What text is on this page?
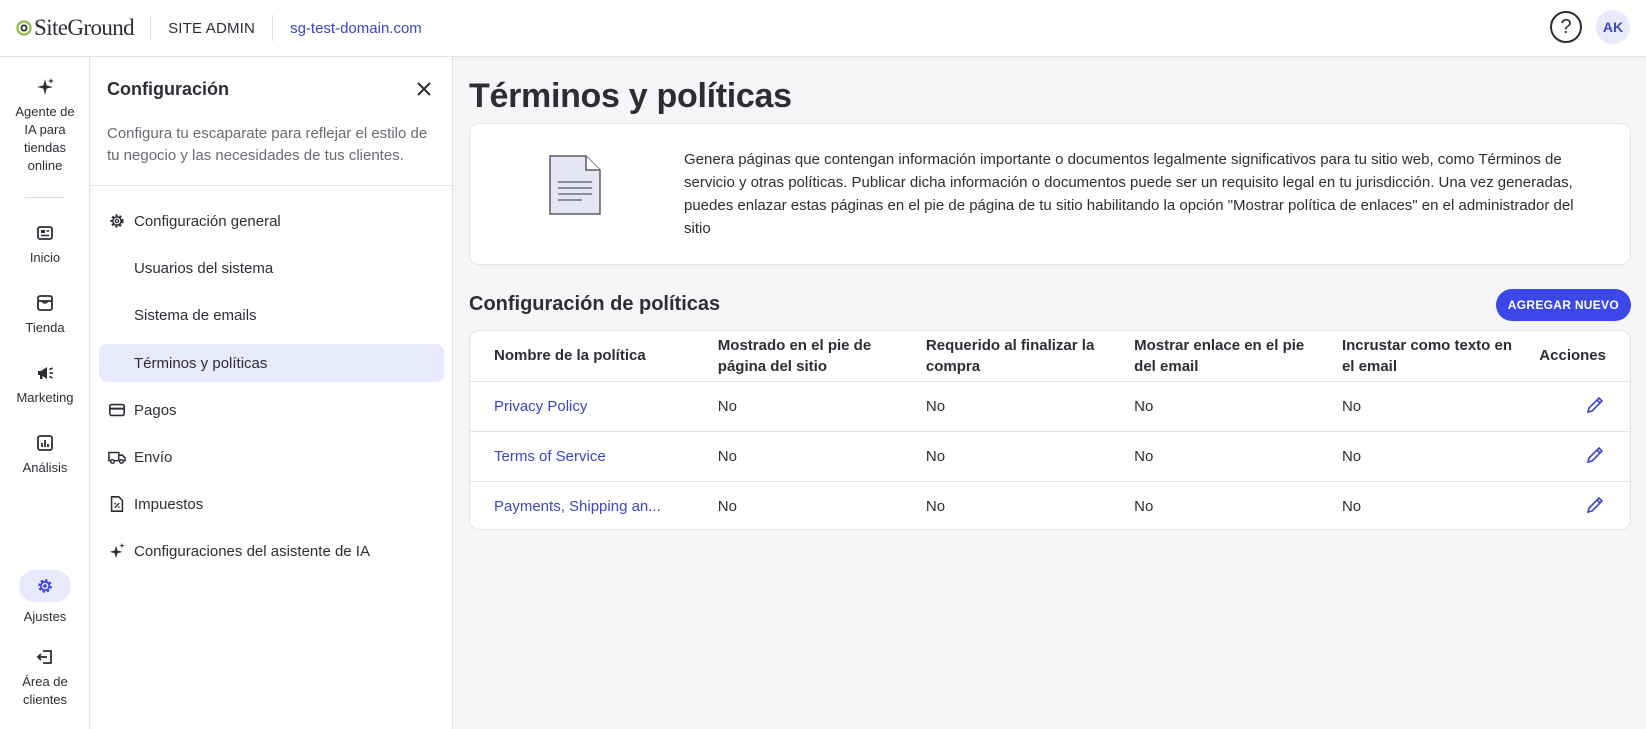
SiteGround SITE ADMIN sg-test-domain.com	?	AK
Agente de IA para tiendas online
Inicio
Tienda
Marketing
Análisis
Ajustes
Área de clientes
Configuración
Configura tu escaparate para reflejar el estilo de tu negocio y las necesidades de tus clientes.
Configuración general
Usuarios del sistema
Sistema de emails
Términos y políticas
Pagos
Envío
Impuestos
Configuraciones del asistente de IA
Términos y políticas

Genera páginas que contengan información importante o documentos legalmente significativos para tu sitio web, como Términos de servicio y otras políticas. Publicar dicha información o documentos puede ser un requisito legal en tu jurisdicción. Una vez generadas, puedes enlazar estas páginas en el pie de página de tu sitio habilitando la opción "Mostrar política de enlaces" en el administrador del sitio

Configuración de políticas	AGREGAR NUEVO
Nombre de la política	Mostrado en el pie de página del sitio	Requerido al finalizar la compra	Mostrar enlace en el pie del email	Incrustar como texto en el email	Acciones
Privacy Policy	No	No	No	No	

Terms of Service	No	No	No	No	

Payments, Shipping an...	No	No	No	No	
